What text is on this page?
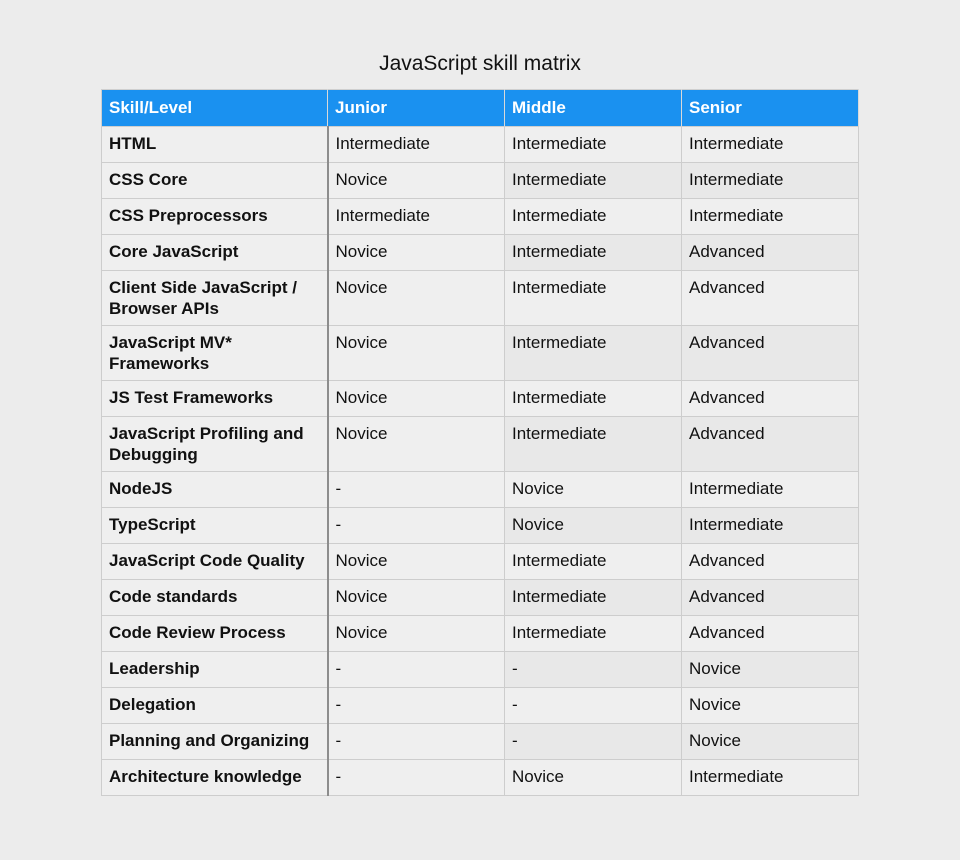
JavaScript skill matrix
Skill/Level	Junior	Middle	Senior
HTML	Intermediate	Intermediate	Intermediate
CSS Core	Novice	Intermediate	Intermediate
CSS Preprocessors	Intermediate	Intermediate	Intermediate
Core JavaScript	Novice	Intermediate	Advanced
Client Side JavaScript / Browser APIs	Novice	Intermediate	Advanced
JavaScript MV* Frameworks	Novice	Intermediate	Advanced
JS Test Frameworks	Novice	Intermediate	Advanced
JavaScript Profiling and Debugging	Novice	Intermediate	Advanced
NodeJS	-	Novice	Intermediate
TypeScript	-	Novice	Intermediate
JavaScript Code Quality	Novice	Intermediate	Advanced
Code standards	Novice	Intermediate	Advanced
Code Review Process	Novice	Intermediate	Advanced
Leadership	-	-	Novice
Delegation	-	-	Novice
Planning and Organizing	-	-	Novice
Architecture knowledge	-	Novice	Intermediate
